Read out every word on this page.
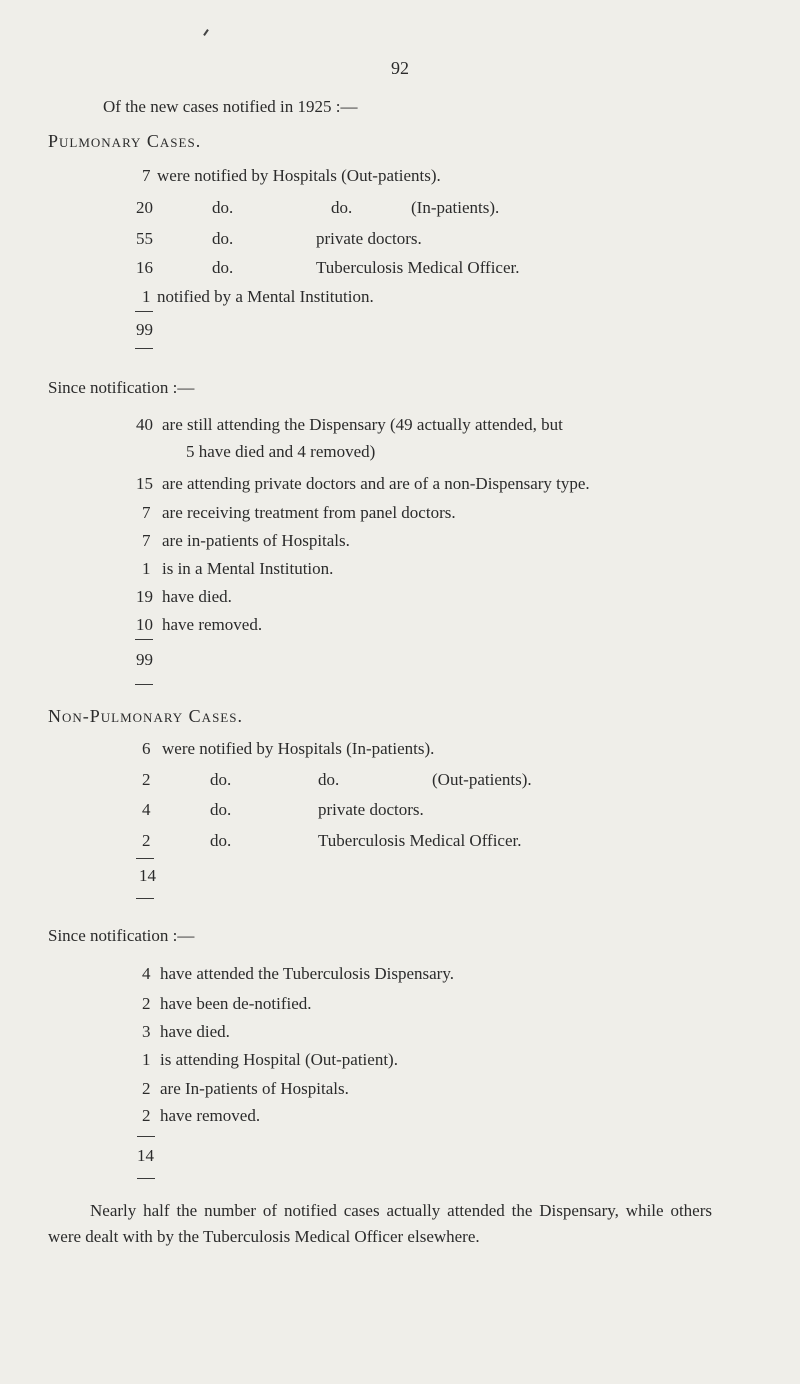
92
Of the new cases notified in 1925 :—
Pulmonary Cases.
7 were notified by Hospitals (Out-patients).
20	do.	do.	(In-patients).
55	do.	private doctors.
16	do.	Tuberculosis Medical Officer.
1 notified by a Mental Institution.
99
Since notification :—
40 are still attending the Dispensary (49 actually attended, but
5 have died and 4 removed)
15 are attending private doctors and are of a non-Dispensary type.
7 are receiving treatment from panel doctors.
7 are in-patients of Hospitals.
1 is in a Mental Institution.
19 have died.
10 have removed.
99
Non-Pulmonary Cases.
6 were notified by Hospitals (In-patients).
2	do.	do.	(Out-patients).
4	do.	private doctors.
2	do.	Tuberculosis Medical Officer.
14
Since notification :—
4 have attended the Tuberculosis Dispensary.
2 have been de-notified.
3 have died.
1 is attending Hospital (Out-patient).
2 are In-patients of Hospitals.
2 have removed.
14
Nearly half the number of notified cases actually attended the Dispensary, while others were dealt with by the Tuberculosis Medical Officer elsewhere.
